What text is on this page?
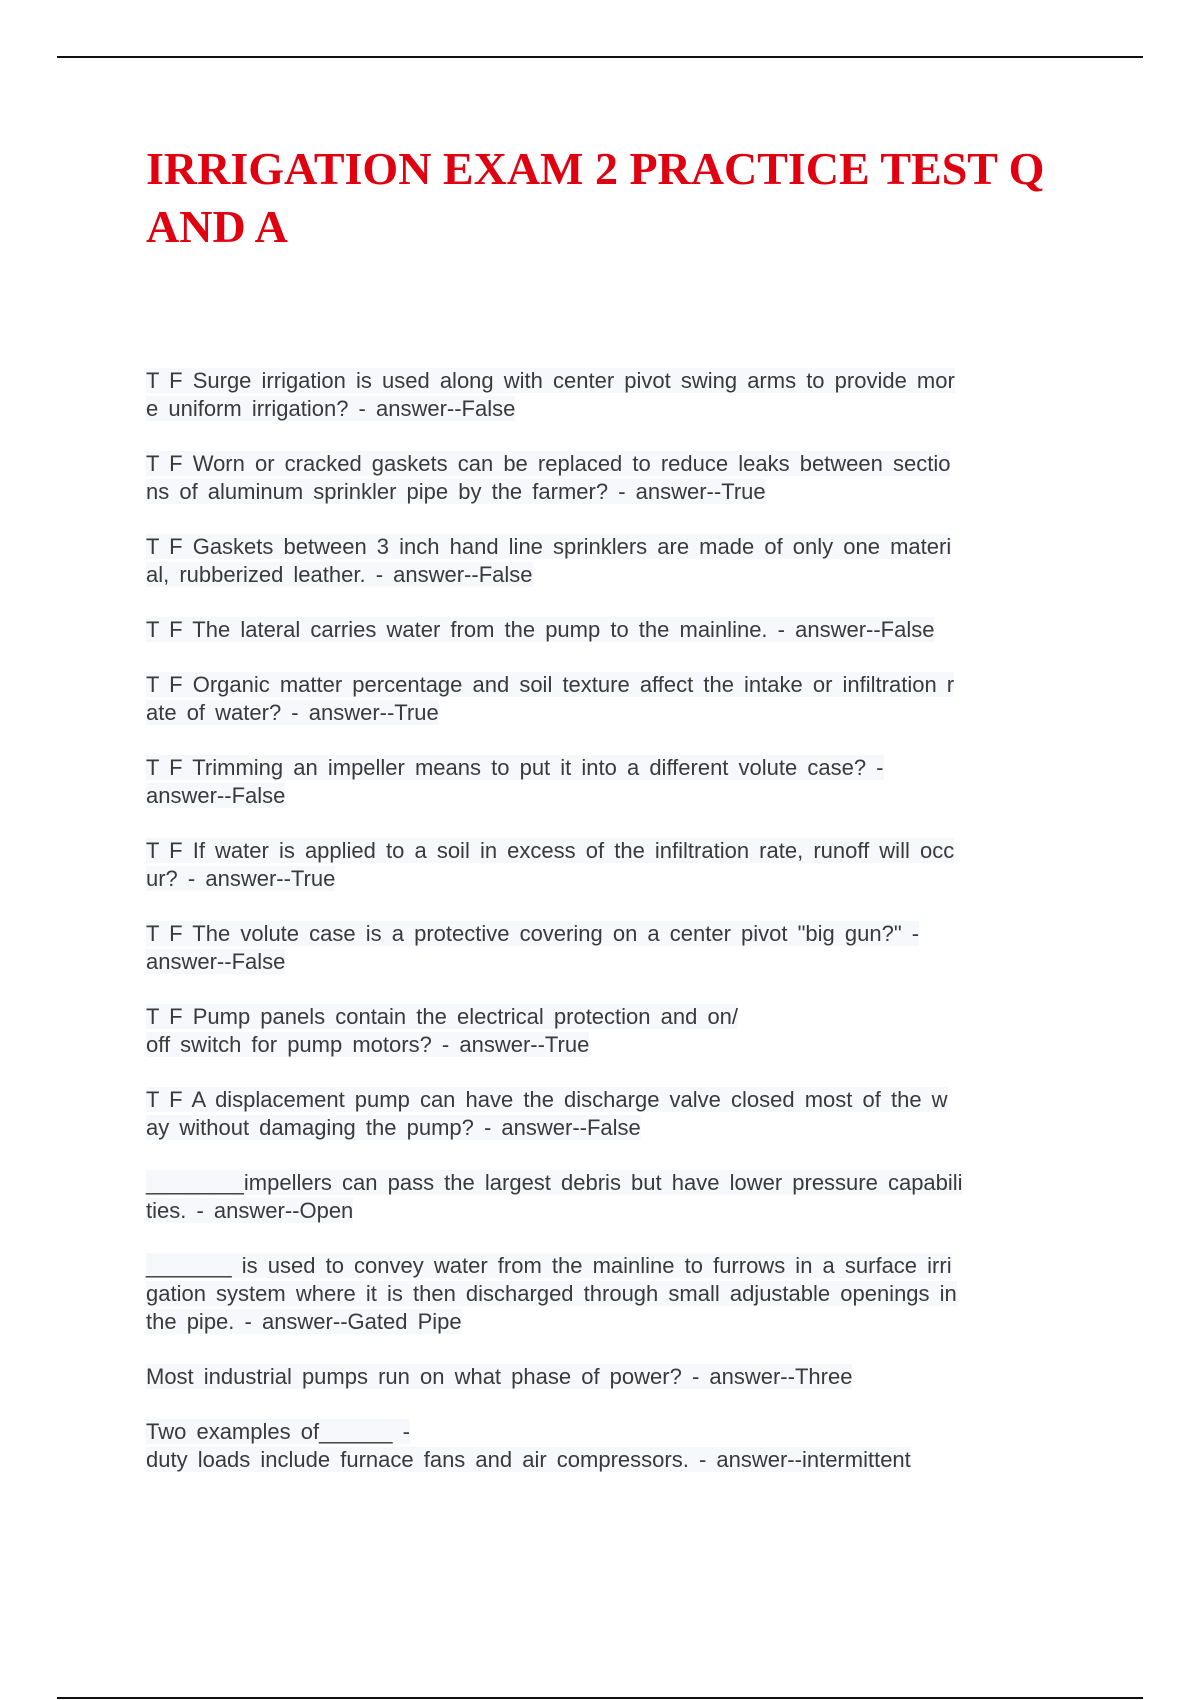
IRRIGATION EXAM 2 PRACTICE TEST Q AND A
T F Surge irrigation is used along with center pivot swing arms to provide mor
e uniform irrigation? - answer--False
T F Worn or cracked gaskets can be replaced to reduce leaks between sectio
ns of aluminum sprinkler pipe by the farmer? - answer--True
T F Gaskets between 3 inch hand line sprinklers are made of only one materi
al, rubberized leather. - answer--False
T F The lateral carries water from the pump to the mainline. - answer--False
T F Organic matter percentage and soil texture affect the intake or infiltration r
ate of water? - answer--True
T F Trimming an impeller means to put it into a different volute case? -
answer--False
T F If water is applied to a soil in excess of the infiltration rate, runoff will occ
ur? - answer--True
T F The volute case is a protective covering on a center pivot "big gun?" -
answer--False
T F Pump panels contain the electrical protection and on/
off switch for pump motors? - answer--True
T F A displacement pump can have the discharge valve closed most of the w
ay without damaging the pump? - answer--False
________impellers can pass the largest debris but have lower pressure capabili
ties. - answer--Open
_______ is used to convey water from the mainline to furrows in a surface irri
gation system where it is then discharged through small adjustable openings in
the pipe. - answer--Gated Pipe
Most industrial pumps run on what phase of power? - answer--Three
Two examples of______ -
duty loads include furnace fans and air compressors. - answer--intermittent
